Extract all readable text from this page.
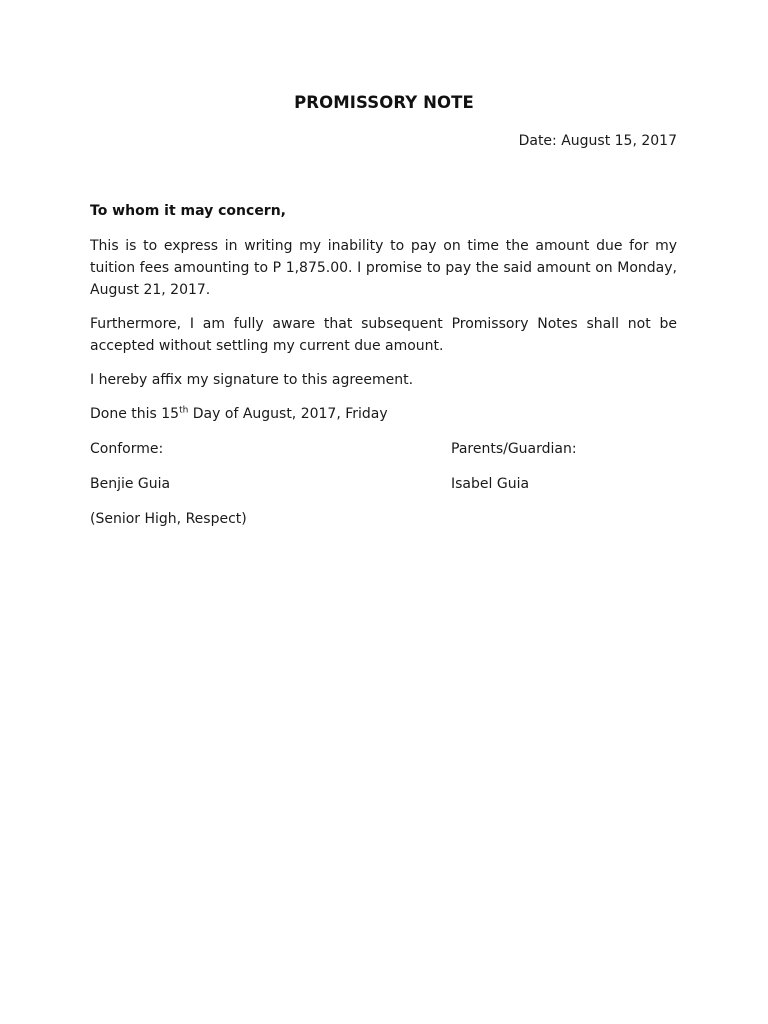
PROMISSORY NOTE
Date: August 15, 2017
To whom it may concern,

This is to express in writing my inability to pay on time the amount due for my tuition fees amounting to P 1,875.00. I promise to pay the said amount on Monday, August 21, 2017.

Furthermore, I am fully aware that subsequent Promissory Notes shall not be accepted without settling my current due amount.

I hereby affix my signature to this agreement.
Done this 15th Day of August, 2017, Friday
Conforme:	Parents/Guardian:
Benjie Guia	Isabel Guia
(Senior High, Respect)
